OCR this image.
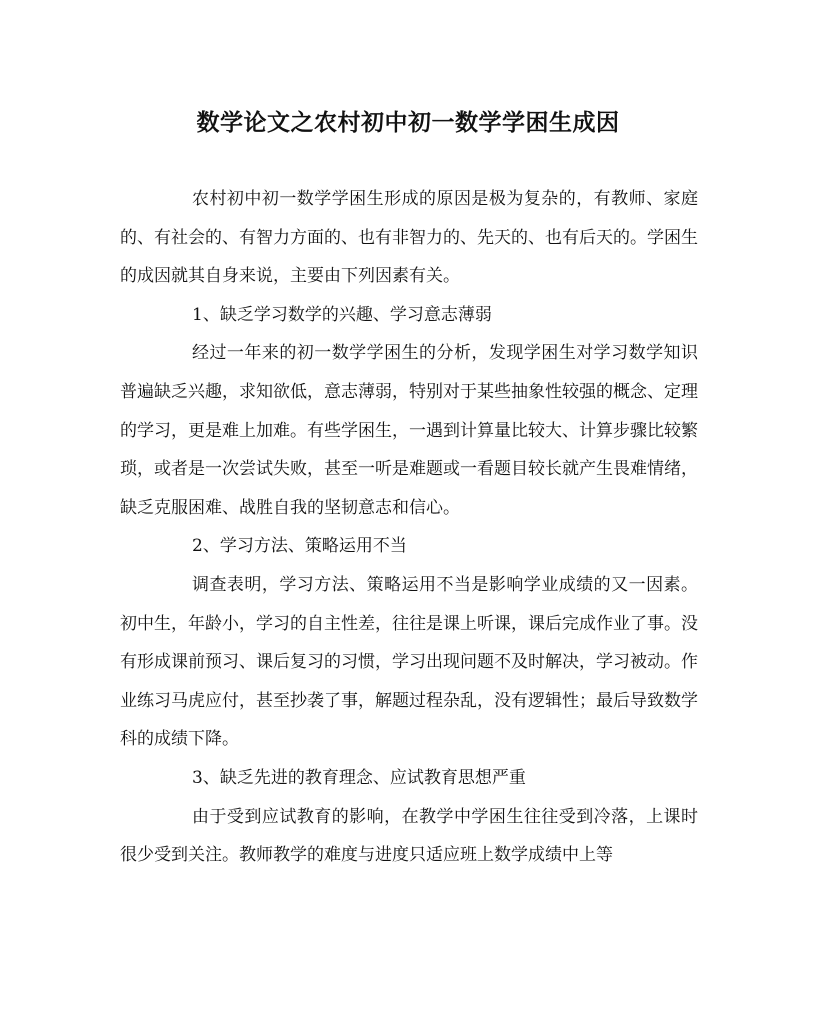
数学论文之农村初中初一数学学困生成因

农村初中初一数学学困生形成的原因是极为复杂的，有教师、家庭的、有社会的、有智力方面的、也有非智力的、先天的、也有后天的。学困生的成因就其自身来说，主要由下列因素有关。

1、缺乏学习数学的兴趣、学习意志薄弱

经过一年来的初一数学学困生的分析，发现学困生对学习数学知识普遍缺乏兴趣，求知欲低，意志薄弱，特别对于某些抽象性较强的概念、定理的学习，更是难上加难。有些学困生，一遇到计算量比较大、计算步骤比较繁琐，或者是一次尝试失败，甚至一听是难题或一看题目较长就产生畏难情绪，缺乏克服困难、战胜自我的坚韧意志和信心。

2、学习方法、策略运用不当

调查表明，学习方法、策略运用不当是影响学业成绩的又一因素。初中生，年龄小，学习的自主性差，往往是课上听课，课后完成作业了事。没有形成课前预习、课后复习的习惯，学习出现问题不及时解决，学习被动。作业练习马虎应付，甚至抄袭了事，解题过程杂乱，没有逻辑性；最后导致数学科的成绩下降。

3、缺乏先进的教育理念、应试教育思想严重

由于受到应试教育的影响，在教学中学困生往往受到冷落，上课时很少受到关注。教师教学的难度与进度只适应班上数学成绩中上等
